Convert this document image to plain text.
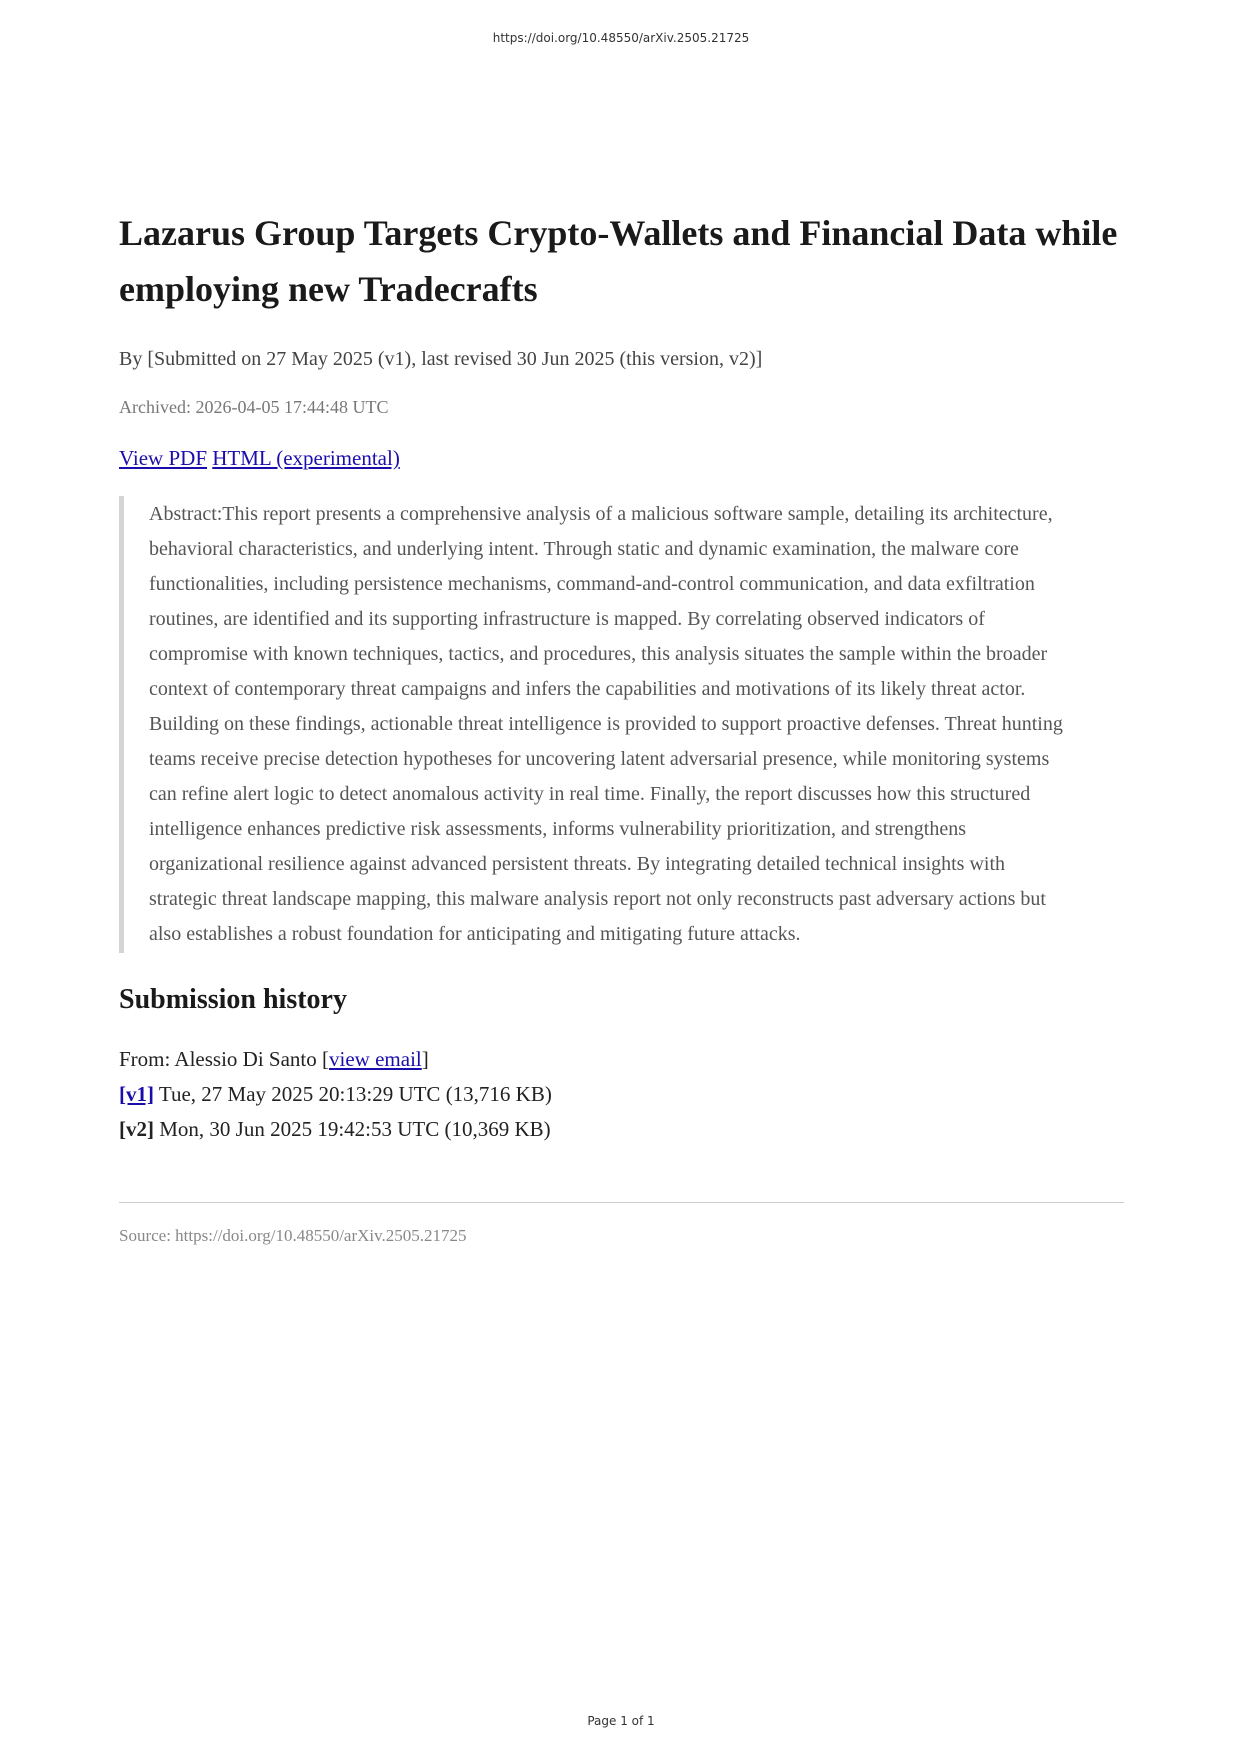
https://doi.org/10.48550/arXiv.2505.21725
Lazarus Group Targets Crypto-Wallets and Financial Data while employing new Tradecrafts
By [Submitted on 27 May 2025 (v1), last revised 30 Jun 2025 (this version, v2)]
Archived: 2026-04-05 17:44:48 UTC
View PDF HTML (experimental)

Abstract:This report presents a comprehensive analysis of a malicious software sample, detailing its architecture, behavioral characteristics, and underlying intent. Through static and dynamic examination, the malware core functionalities, including persistence mechanisms, command-and-control communication, and data exfiltration routines, are identified and its supporting infrastructure is mapped. By correlating observed indicators of compromise with known techniques, tactics, and procedures, this analysis situates the sample within the broader context of contemporary threat campaigns and infers the capabilities and motivations of its likely threat actor.

Building on these findings, actionable threat intelligence is provided to support proactive defenses. Threat hunting teams receive precise detection hypotheses for uncovering latent adversarial presence, while monitoring systems can refine alert logic to detect anomalous activity in real time. Finally, the report discusses how this structured intelligence enhances predictive risk assessments, informs vulnerability prioritization, and strengthens organizational resilience against advanced persistent threats. By integrating detailed technical insights with strategic threat landscape mapping, this malware analysis report not only reconstructs past adversary actions but also establishes a robust foundation for anticipating and mitigating future attacks.

Submission history
From: Alessio Di Santo [view email]
[v1] Tue, 27 May 2025 20:13:29 UTC (13,716 KB)
[v2] Mon, 30 Jun 2025 19:42:53 UTC (10,369 KB)
Source: https://doi.org/10.48550/arXiv.2505.21725
Page 1 of 1
